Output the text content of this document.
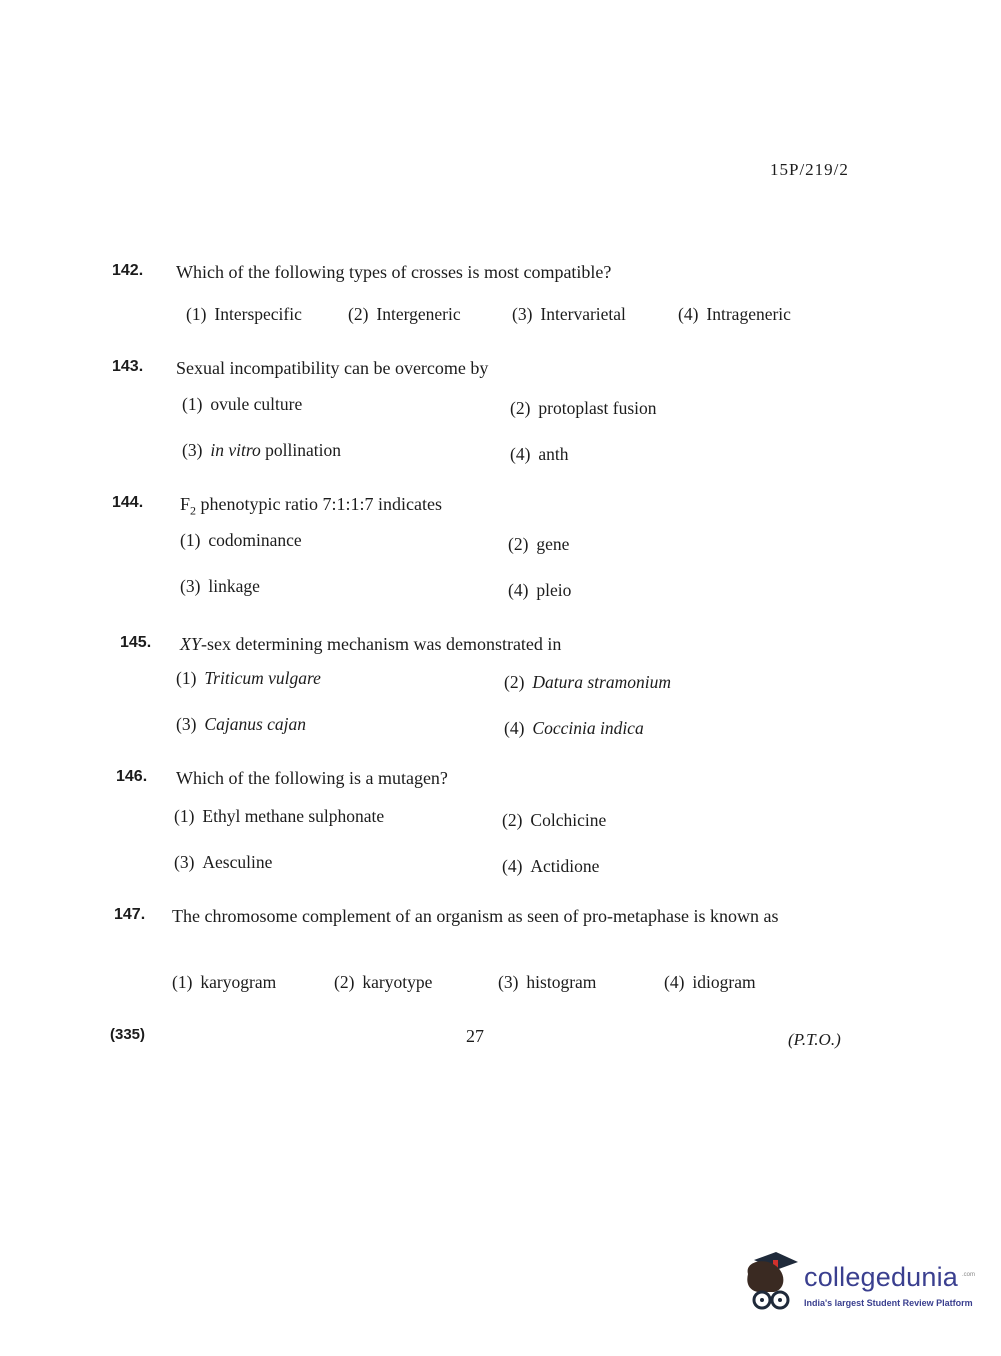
15P/219/2
142. Which of the following types of crosses is most compatible?
(1) Interspecific	(2) Intergeneric	(3) Intervarietal	(4) Intrageneric
143. Sexual incompatibility can be overcome by
(1) ovule culture	(2) protoplast fusion
(3) in vitro pollination	(4) anth
144. $F_2$ phenotypic ratio 7:1:1:7 indicates
(1) codominance	(2) gene
(3) linkage	(4) pleio
145. XY-sex determining mechanism was demonstrated in
(1) Triticum vulgare	(2) Datura stramonium
(3) Cajanus cajan	(4) Coccinia indica
146. Which of the following is a mutagen?
(1) Ethyl methane sulphonate	(2) Colchicine
(3) Aesculine	(4) Actidione
147. The chromosome complement of an organism as seen of pro-metaphase is known as
(1) karyogram	(2) karyotype	(3) histogram	(4) idiogram
(335)	27	(P.T.O.)
collegedunia .com
India's largest Student Review Platform
